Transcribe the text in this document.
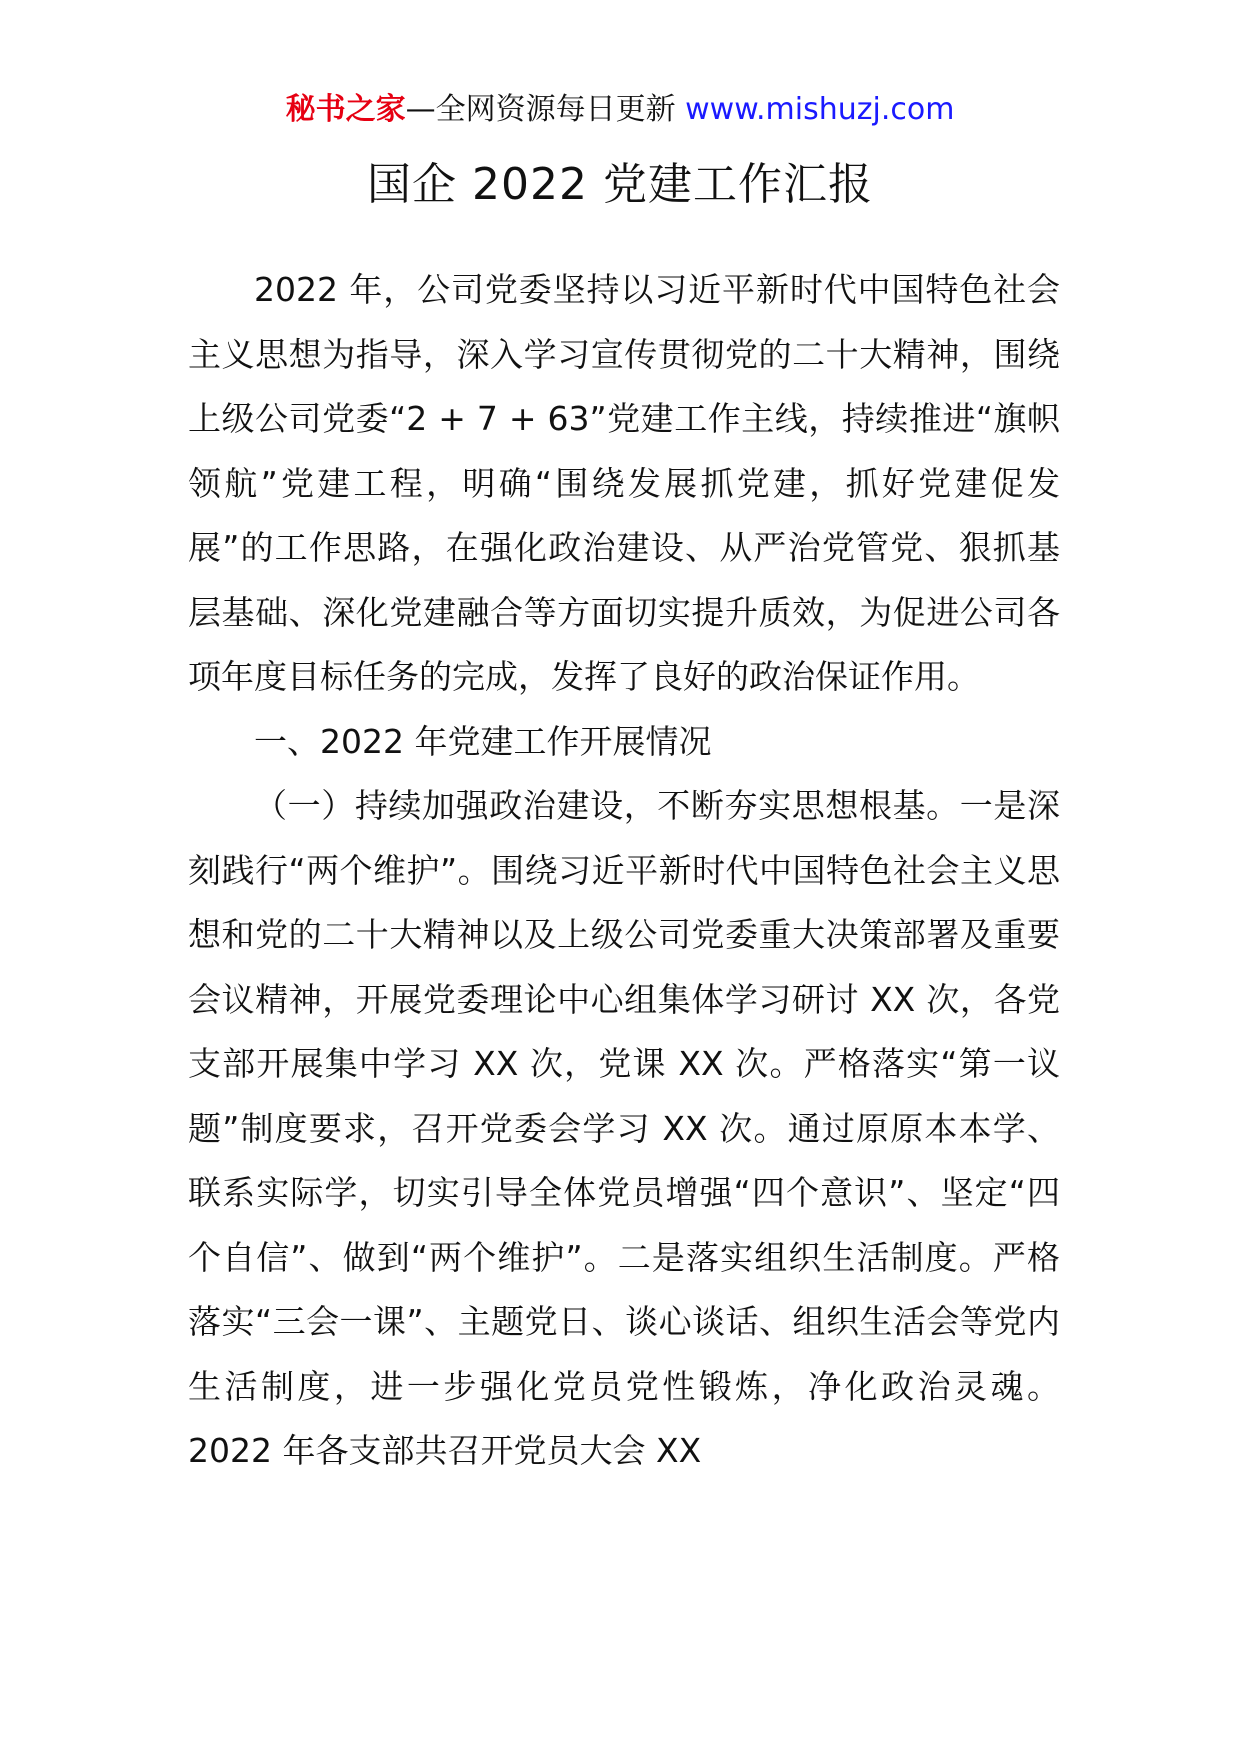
秘书之家—全网资源每日更新 www.mishuzj.com
国企 2022 党建工作汇报

2022 年，公司党委坚持以习近平新时代中国特色社会主义思想为指导，深入学习宣传贯彻党的二十大精神，围绕上级公司党委“2 + 7 + 63”党建工作主线，持续推进“旗帜领航”党建工程，明确“围绕发展抓党建，抓好党建促发展”的工作思路，在强化政治建设、从严治党管党、狠抓基层基础、深化党建融合等方面切实提升质效，为促进公司各项年度目标任务的完成，发挥了良好的政治保证作用。

一、2022 年党建工作开展情况

（一）持续加强政治建设，不断夯实思想根基。一是深刻践行“两个维护”。围绕习近平新时代中国特色社会主义思想和党的二十大精神以及上级公司党委重大决策部署及重要会议精神，开展党委理论中心组集体学习研讨 XX 次，各党支部开展集中学习 XX 次，党课 XX 次。严格落实“第一议题”制度要求，召开党委会学习 XX 次。通过原原本本学、联系实际学，切实引导全体党员增强“四个意识”、坚定“四个自信”、做到“两个维护”。二是落实组织生活制度。严格落实“三会一课”、主题党日、谈心谈话、组织生活会等党内生活制度，进一步强化党员党性锻炼，净化政治灵魂。2022 年各支部共召开党员大会 XX
